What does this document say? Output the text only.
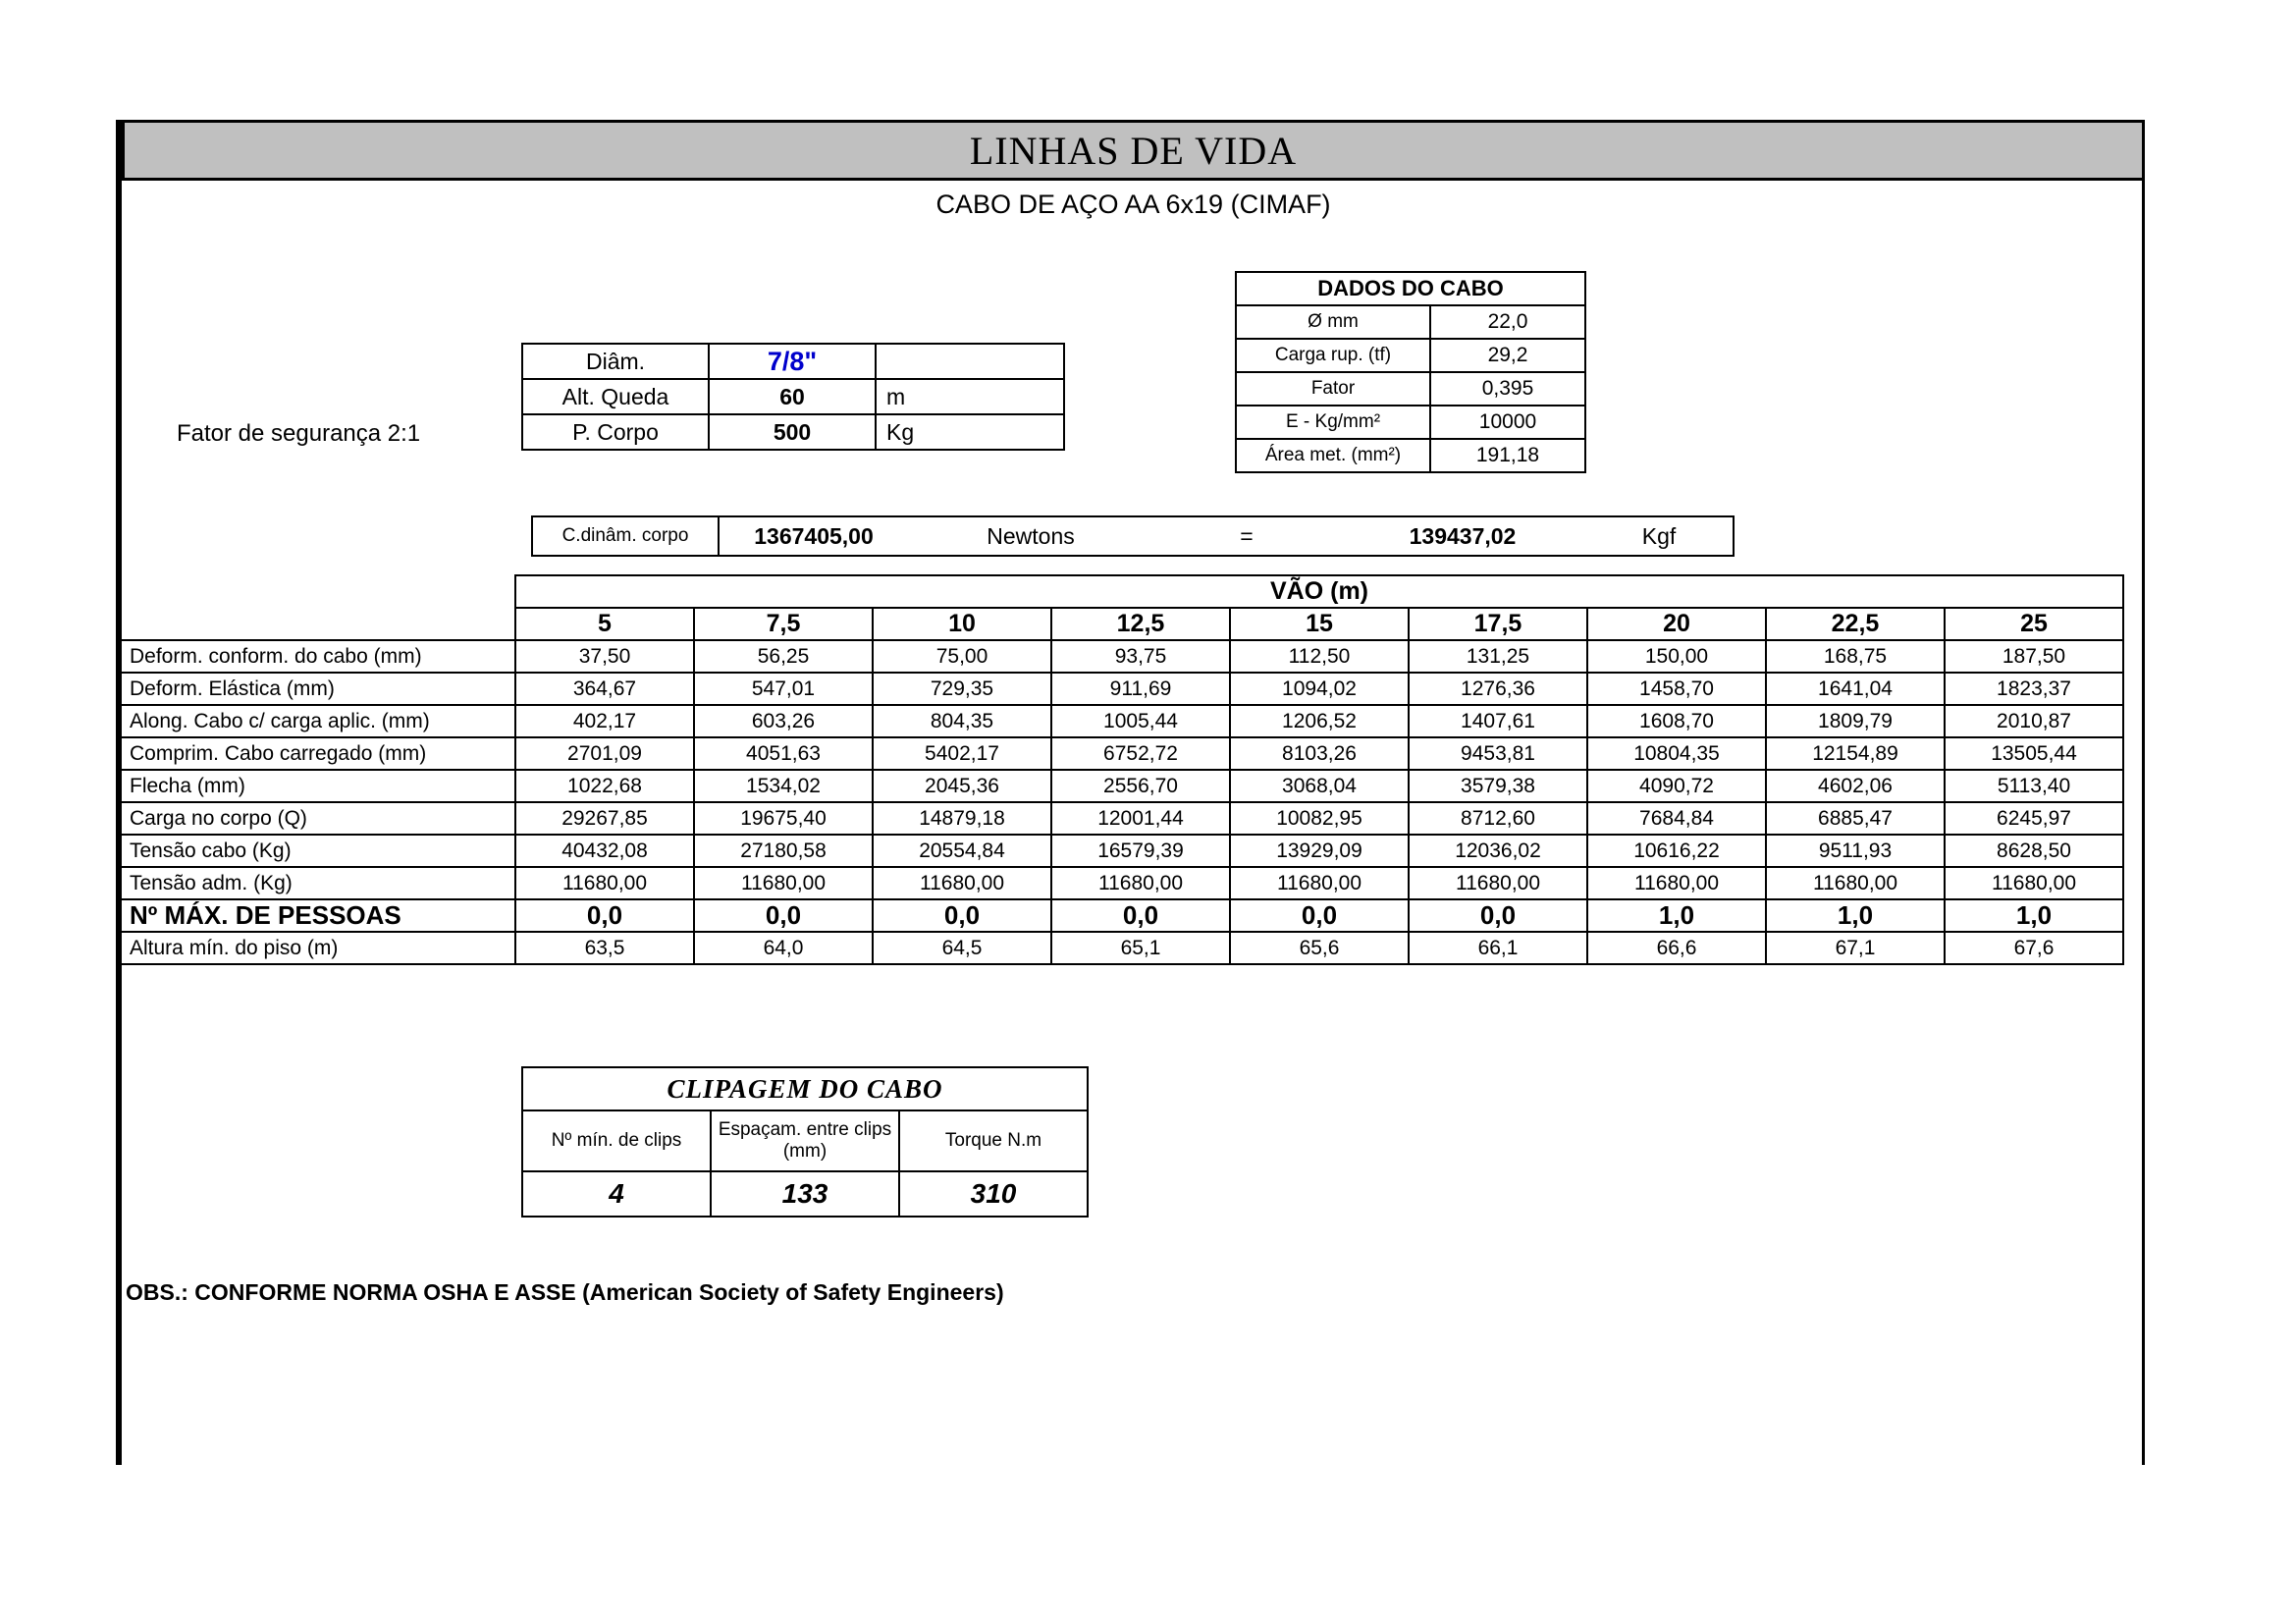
LINHAS DE VIDA
CABO DE AÇO AA 6x19 (CIMAF)
DADOS DO CABO	
Ø mm	22,0
Carga rup. (tf)	29,2
Fator	0,395
E - Kg/mm²	10000
Área met. (mm²)	191,18
Fator de segurança 2:1
Diâm.	7/8"	
Alt. Queda	60	m
P. Corpo	500	Kg
C.dinâm. corpo	1367405,00	Newtons	=	139437,02	Kgf
	VÃO (m)								
	5	7,5	10	12,5	15	17,5	20	22,5	25
Deform. conform. do cabo (mm)	37,50	56,25	75,00	93,75	112,50	131,25	150,00	168,75	187,50
Deform. Elástica (mm)	364,67	547,01	729,35	911,69	1094,02	1276,36	1458,70	1641,04	1823,37
Along. Cabo c/ carga aplic. (mm)	402,17	603,26	804,35	1005,44	1206,52	1407,61	1608,70	1809,79	2010,87
Comprim. Cabo carregado (mm)	2701,09	4051,63	5402,17	6752,72	8103,26	9453,81	10804,35	12154,89	13505,44
Flecha (mm)	1022,68	1534,02	2045,36	2556,70	3068,04	3579,38	4090,72	4602,06	5113,40
Carga no corpo (Q)	29267,85	19675,40	14879,18	12001,44	10082,95	8712,60	7684,84	6885,47	6245,97
Tensão cabo (Kg)	40432,08	27180,58	20554,84	16579,39	13929,09	12036,02	10616,22	9511,93	8628,50
Tensão adm. (Kg)	11680,00	11680,00	11680,00	11680,00	11680,00	11680,00	11680,00	11680,00	11680,00
Nº MÁX. DE PESSOAS	0,0	0,0	0,0	0,0	0,0	0,0	1,0	1,0	1,0
Altura mín. do piso (m)	63,5	64,0	64,5	65,1	65,6	66,1	66,6	67,1	67,6
CLIPAGEM DO CABO		
Nº mín. de clips	Espaçam. entre clips (mm)	Torque N.m
4	133	310
OBS.: CONFORME NORMA OSHA E ASSE (American Society of Safety Engineers)
